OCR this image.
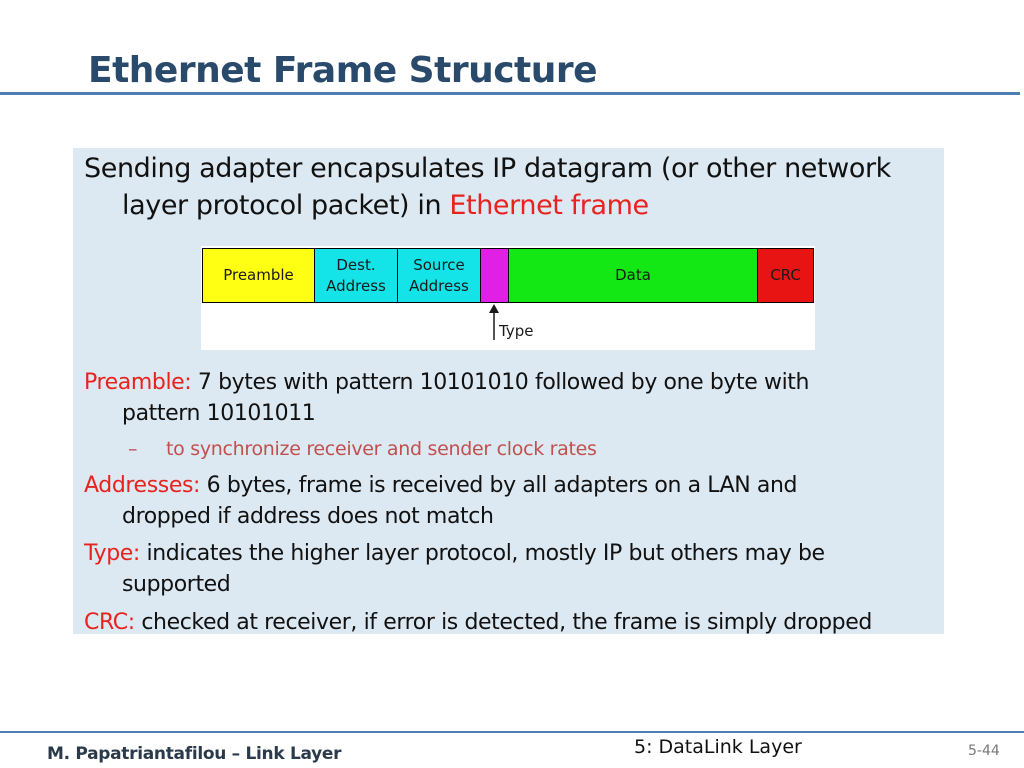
Ethernet Frame Structure

Sending adapter encapsulates IP datagram (or other network

layer protocol packet) in Ethernet frame

Preamble
Dest.
Address
Source
Address
Data	CRC
Type

Preamble: 7 bytes with pattern 10101010 followed by one byte with

pattern 10101011

– to synchronize receiver and sender clock rates

Addresses: 6 bytes, frame is received by all adapters on a LAN and

dropped if address does not match

Type: indicates the higher layer protocol, mostly IP but others may be

supported

CRC: checked at receiver, if error is detected, the frame is simply dropped

M. Papatriantafilou – Link Layer	5: DataLink Layer	5-44
